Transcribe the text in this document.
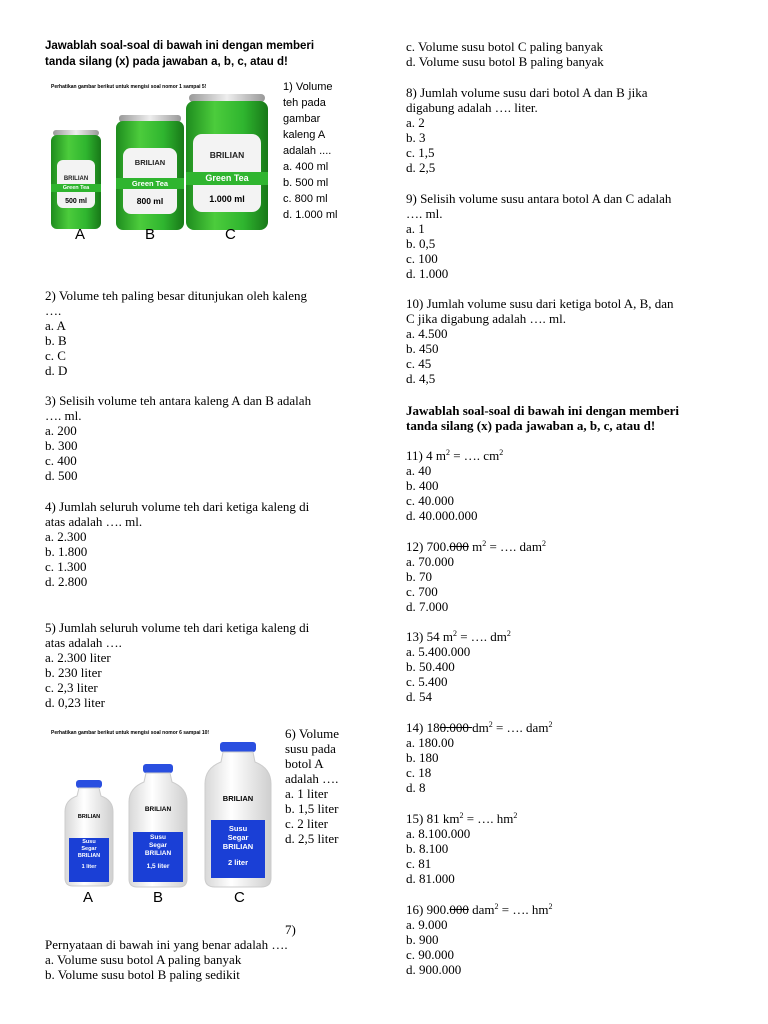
Jawablah soal-soal di bawah ini dengan memberi
tanda silang (x) pada jawaban a, b, c, atau d!
Perhatikan gambar berikut untuk mengisi soal nomor 1 sampai 5!
BRILIAN
Green Tea
500 ml
BRILIAN
Green Tea
800 ml
BRILIAN
Green Tea
1.000 ml
A	B	C
1) Volume
teh pada
gambar
kaleng A
adalah ....
a. 400 ml
b. 500 ml
c. 800 ml
d. 1.000 ml
2) Volume teh paling besar ditunjukan oleh kaleng
….
a. A
b. B
c. C
d. D
3) Selisih volume teh antara kaleng A dan B adalah
…. ml.
a. 200
b. 300
c. 400
d. 500
4) Jumlah seluruh volume teh dari ketiga kaleng di
atas adalah …. ml.
a. 2.300
b. 1.800
c. 1.300
d. 2.800
5) Jumlah seluruh volume teh dari ketiga kaleng di
atas adalah ….
a. 2.300 liter
b. 230 liter
c. 2,3 liter
d. 0,23 liter
Perhatikan gambar berikut untuk mengisi soal nomor 6 sampai 10!
BRILIAN
Susu
Segar
BRILIAN
1 liter
BRILIAN
Susu
Segar
BRILIAN
1,5 liter
BRILIAN
Susu
Segar
BRILIAN
2 liter
A	B	C
6) Volume
susu pada
botol A
adalah ….
a. 1 liter
b. 1,5 liter
c. 2 liter
d. 2,5 liter
7)
Pernyataan di bawah ini yang benar adalah ….
a. Volume susu botol A paling banyak
b. Volume susu botol B paling sedikit
c. Volume susu botol C paling banyak
d. Volume susu botol B paling banyak
8) Jumlah volume susu dari botol A dan B jika
digabung adalah …. liter.
a. 2
b. 3
c. 1,5
d. 2,5
9) Selisih volume susu antara botol A dan C adalah
…. ml.
a. 1
b. 0,5
c. 100
d. 1.000
10) Jumlah volume susu dari ketiga botol A, B, dan
C jika digabung adalah …. ml.
a. 4.500
b. 450
c. 45
d. 4,5
Jawablah soal-soal di bawah ini dengan memberi
tanda silang (x) pada jawaban a, b, c, atau d!
11) 4 $m^2$ = …. $cm^2$
a. 40
b. 400
c. 40.000
d. 40.000.000
12) 700.000 $m^2$ = …. dam$^2$
a. 70.000
b. 70
c. 700
d. 7.000
13) 54 $m^2$ = …. $dm^2$
a. 5.400.000
b. 50.400
c. 5.400
d. 54
14) 180.000 $dm^2$ = …. dam$^2$
a. 180.00
b. 180
c. 18
d. 8
15) 81 $km^2$ = …. $hm^2$
a. 8.100.000
b. 8.100
c. 81
d. 81.000
16) 900.000 dam$^2$ = …. $hm^2$
a. 9.000
b. 900
c. 90.000
d. 900.000
